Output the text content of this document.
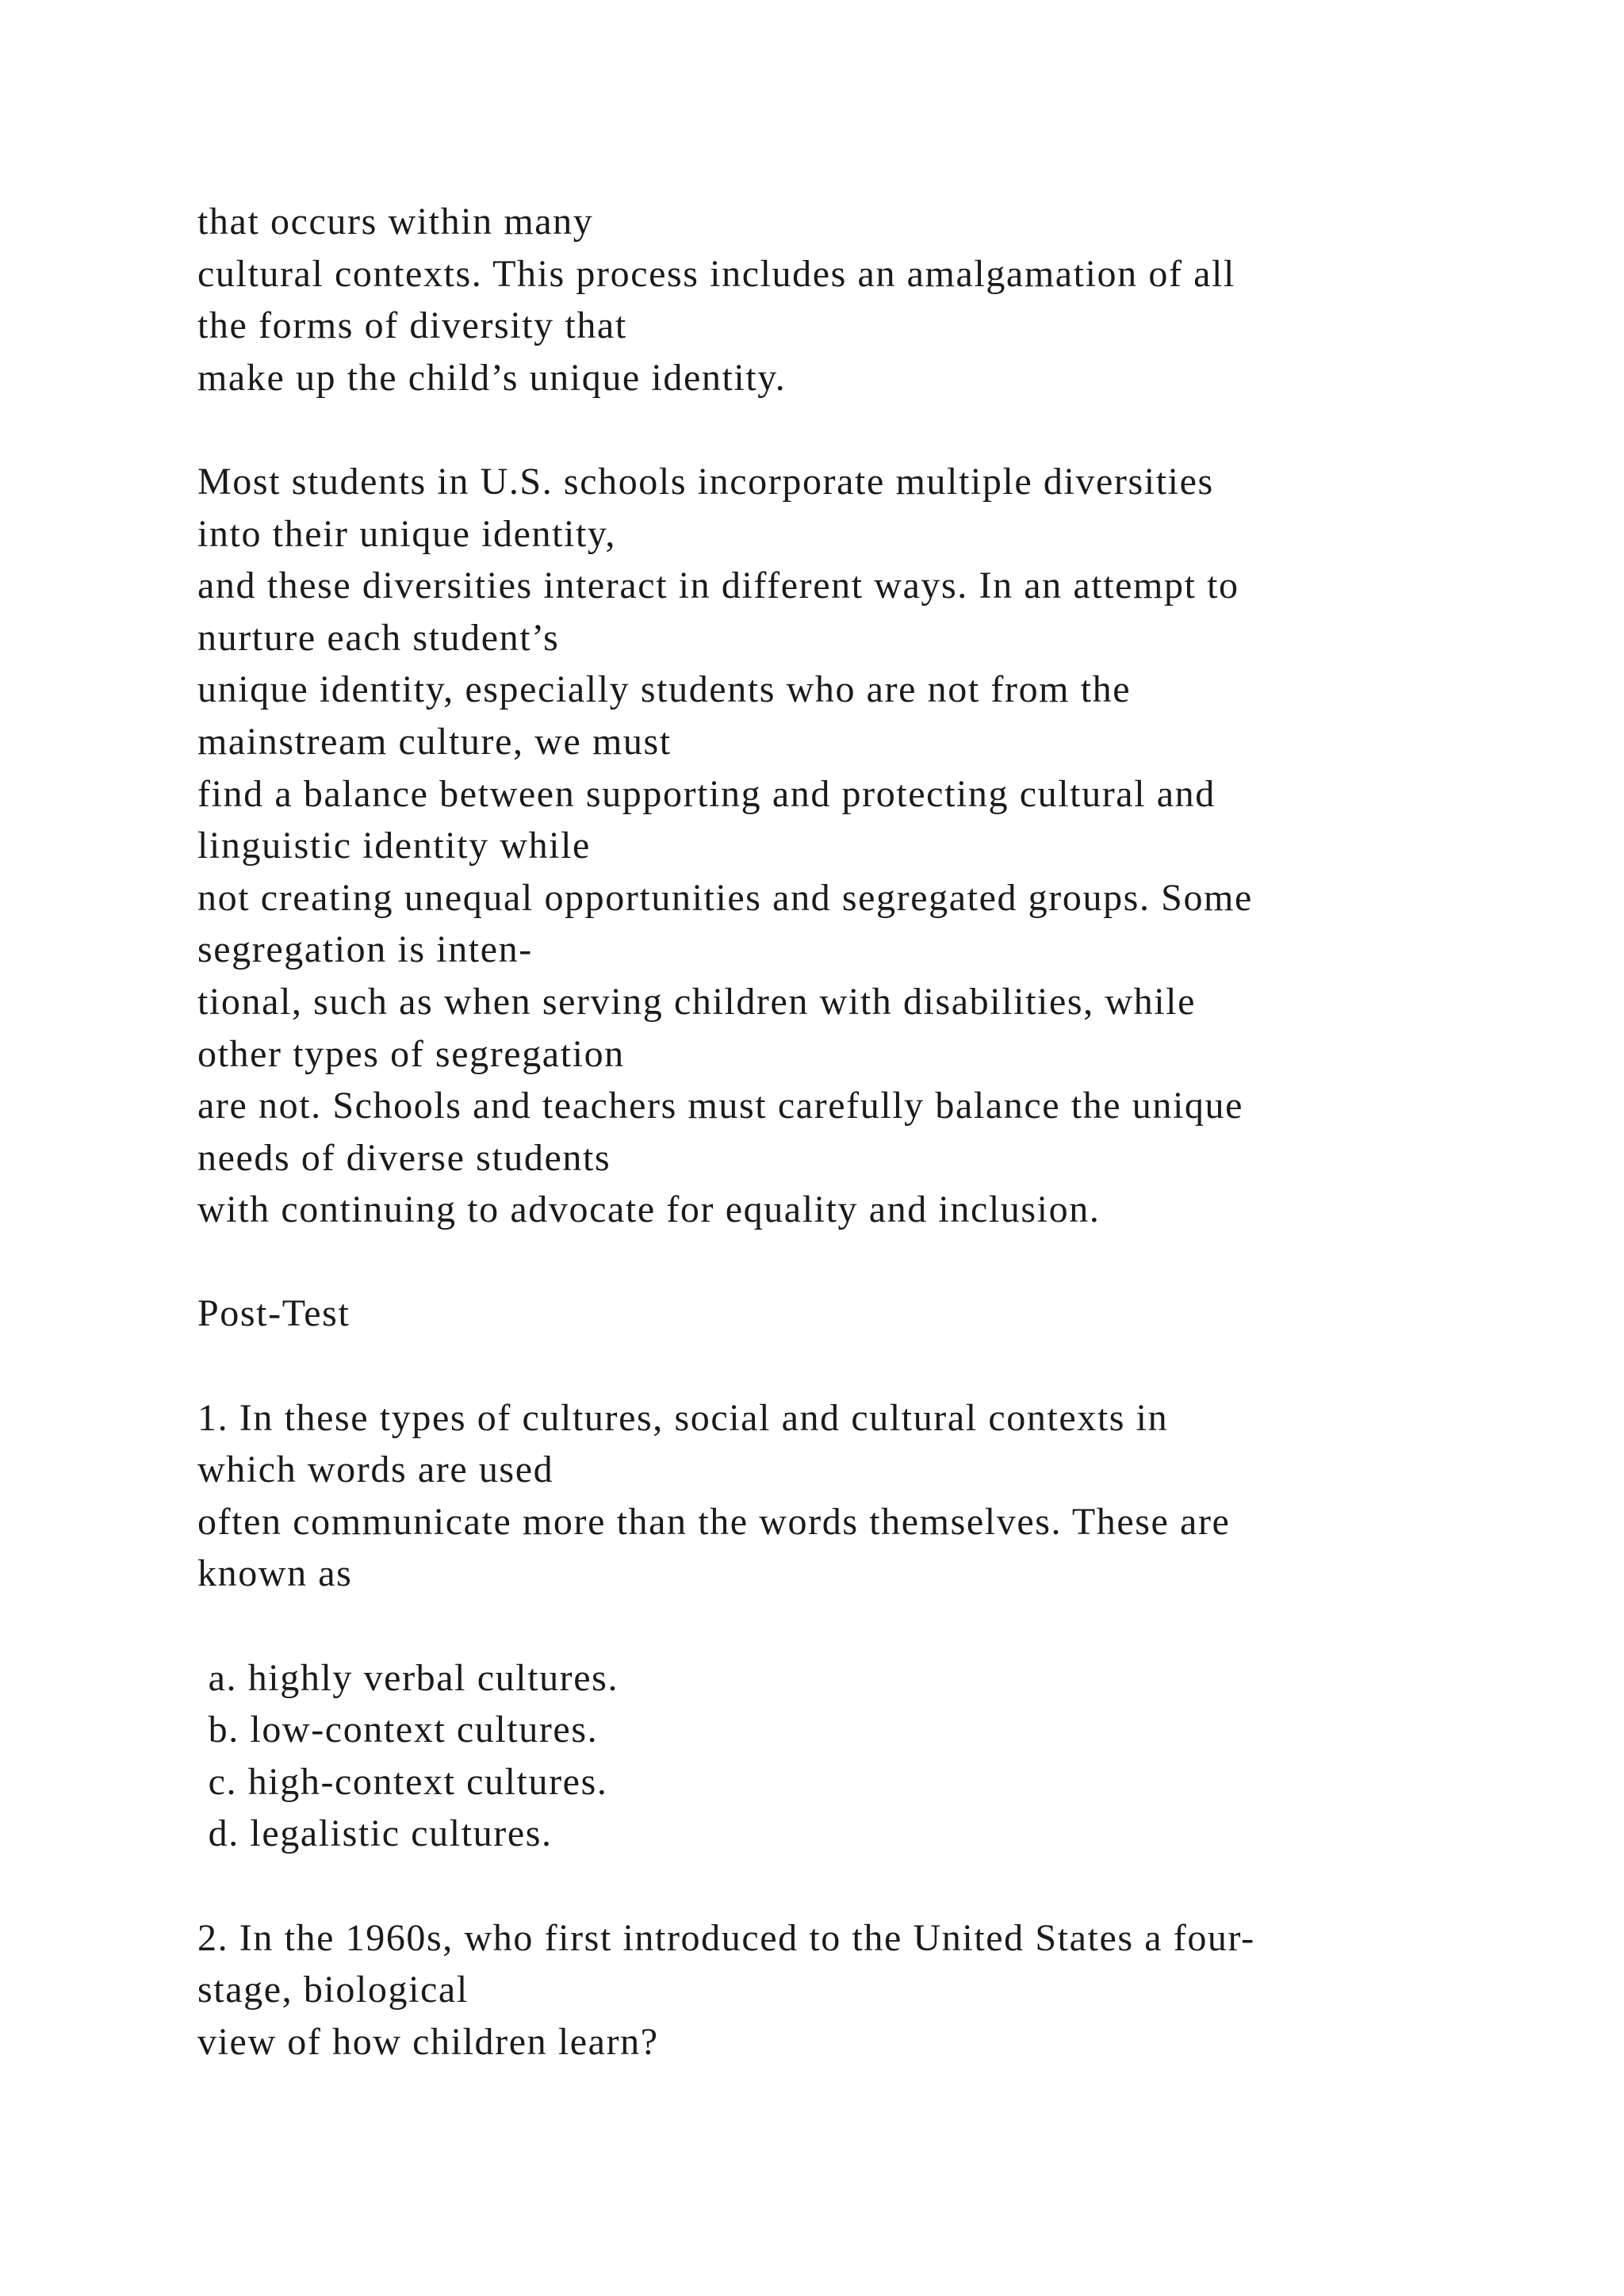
that occurs within many
cultural contexts. This process includes an amalgamation of all
the forms of diversity that
make up the child’s unique identity.
Most students in U.S. schools incorporate multiple diversities
into their unique identity,
and these diversities interact in different ways. In an attempt to
nurture each student’s
unique identity, especially students who are not from the
mainstream culture, we must
find a balance between supporting and protecting cultural and
linguistic identity while
not creating unequal opportunities and segregated groups. Some
segregation is inten-
tional, such as when serving children with disabilities, while
other types of segregation
are not. Schools and teachers must carefully balance the unique
needs of diverse students
with continuing to advocate for equality and inclusion.
Post-Test
1. In these types of cultures, social and cultural contexts in
which words are used
often communicate more than the words themselves. These are
known as
a. highly verbal cultures.
b. low-context cultures.
c. high-context cultures.
d. legalistic cultures.
2. In the 1960s, who first introduced to the United States a four-
stage, biological
view of how children learn?
